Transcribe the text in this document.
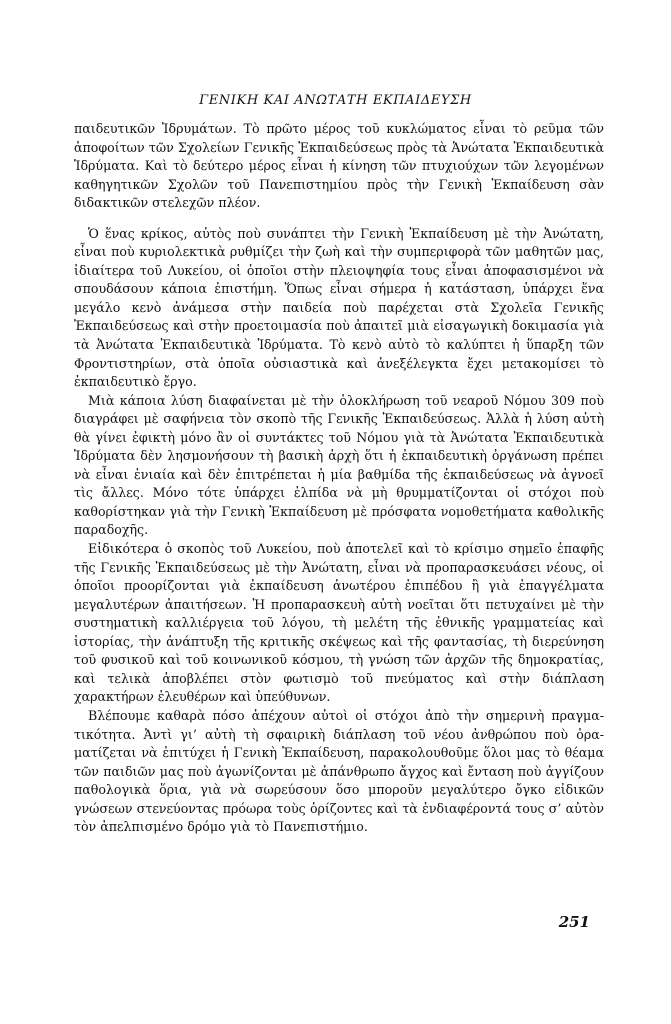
ΓΕΝΙΚΗ ΚΑΙ ΑΝΩΤΑΤΗ ΕΚΠΑΙΔΕΥΣΗ

παιδευτικῶν Ἱδρυμάτων. Τὸ πρῶτο μέρος τοῦ κυκλώματος εἶναι τὸ ρεῦμα τῶν ἀποφοίτων τῶν Σχολείων Γενικῆς Ἐκπαιδεύσεως πρὸς τὰ Ἀνώτατα Ἐκπαιδευτικὰ Ἱδρύματα. Καὶ τὸ δεύτερο μέρος εἶναι ἡ κίνηση τῶν πτυχιούχων τῶν λεγομένων καθηγητικῶν Σχολῶν τοῦ Πανεπιστημίου πρὸς τὴν Γενικὴ Ἐκπαίδευση σὰν διδακτικῶν στελεχῶν πλέον.

Ὁ ἕνας κρίκος, αὐτὸς ποὺ συνάπτει τὴν Γενικὴ Ἐκπαίδευση μὲ τὴν Ἀνώτατη, εἶναι ποὺ κυριολεκτικὰ ρυθμίζει τὴν ζωὴ καὶ τὴν συμπεριφορὰ τῶν μαθητῶν μας, ἰδιαίτερα τοῦ Λυκείου, οἱ ὁποῖοι στὴν πλειοψηφία τους εἶναι ἀποφασισμένοι νὰ σπουδάσουν κάποια ἐπιστήμη. Ὅπως εἶναι σήμερα ἡ κατάσταση, ὑπάρχει ἕνα μεγάλο κενὸ ἀνάμεσα στὴν παιδεία ποὺ παρέχεται στὰ Σχολεῖα Γενικῆς Ἐκπαιδεύσεως καὶ στὴν προετοιμασία ποὺ ἀπαιτεῖ μιὰ εἰσαγωγικὴ δοκιμασία γιὰ τὰ Ἀνώτατα Ἐκπαιδευτικὰ Ἱδρύματα. Τὸ κενὸ αὐτὸ τὸ καλύπτει ἡ ὕπαρξη τῶν Φροντιστηρίων, στὰ ὁποῖα οὐσιαστικὰ καὶ ἀνεξέλεγκτα ἔχει μετακομίσει τὸ ἐκπαιδευτικὸ ἔργο.

Μιὰ κάποια λύση διαφαίνεται μὲ τὴν ὁλοκλήρωση τοῦ νεαροῦ Νόμου 309 ποὺ διαγράφει μὲ σαφήνεια τὸν σκοπὸ τῆς Γενικῆς Ἐκπαιδεύσεως. Ἀλλὰ ἡ λύση αὐτὴ θὰ γίνει ἐφικτὴ μόνο ἂν οἱ συντάκτες τοῦ Νόμου γιὰ τὰ Ἀνώτατα Ἐκπαιδευτικὰ Ἱδρύματα δὲν λησμονήσουν τὴ βασικὴ ἀρχὴ ὅτι ἡ ἐκπαιδευτικὴ ὀργάνωση πρέπει νὰ εἶναι ἑνιαία καὶ δὲν ἐπιτρέπεται ἡ μία βαθμίδα τῆς ἐκπαιδεύσεως νὰ ἀγνοεῖ τὶς ἄλλες. Μόνο τότε ὑπάρχει ἐλπίδα νὰ μὴ θρυμματίζονται οἱ στόχοι ποὺ καθορίστηκαν γιὰ τὴν Γενικὴ Ἐκπαίδευση μὲ πρόσφατα νομοθετήματα καθολικῆς παραδοχῆς.

Εἰδικότερα ὁ σκοπὸς τοῦ Λυκείου, ποὺ ἀποτελεῖ καὶ τὸ κρίσιμο σημεῖο ἐπαφῆς τῆς Γενικῆς Ἐκπαιδεύσεως μὲ τὴν Ἀνώτατη, εἶναι νὰ προπαρασκευάσει νέους, οἱ ὁποῖοι προορίζονται γιὰ ἐκπαίδευση ἀνωτέρου ἐπιπέδου ἢ γιὰ ἐπαγγέλματα μεγαλυτέρων ἀπαιτήσεων. Ἡ προπαρασκευὴ αὐτὴ νοεῖται ὅτι πετυχαίνει μὲ τὴν συστηματικὴ καλλιέργεια τοῦ λόγου, τὴ μελέτη τῆς ἐθνικῆς γραμματείας καὶ ἱστορίας, τὴν ἀνάπτυξη τῆς κριτικῆς σκέψεως καὶ τῆς φαντασίας, τὴ διερεύνηση τοῦ φυσικοῦ καὶ τοῦ κοινωνικοῦ κόσμου, τὴ γνώση τῶν ἀρχῶν τῆς δημοκρατίας, καὶ τελικὰ ἀποβλέπει στὸν φωτισμὸ τοῦ πνεύματος καὶ στὴν διάπλαση χαρακτήρων ἐλευθέρων καὶ ὑπεύθυνων.

Βλέπουμε καθαρὰ πόσο ἀπέχουν αὐτοὶ οἱ στόχοι ἀπὸ τὴν σημερινὴ πραγματικότητα. Ἀντὶ γι’ αὐτὴ τὴ σφαιρικὴ διάπλαση τοῦ νέου ἀνθρώπου ποὺ ὁραματίζεται νὰ ἐπιτύχει ἡ Γενικὴ Ἐκπαίδευση, παρακολουθοῦμε ὅλοι μας τὸ θέαμα τῶν παιδιῶν μας ποὺ ἀγωνίζονται μὲ ἀπάνθρωπο ἄγχος καὶ ἔνταση ποὺ ἀγγίζουν παθολογικὰ ὅρια, γιὰ νὰ σωρεύσουν ὅσο μποροῦν μεγαλύτερο ὄγκο εἰδικῶν γνώσεων στενεύοντας πρόωρα τοὺς ὁρίζοντες καὶ τὰ ἐνδιαφέροντά τους σ’ αὐτὸν τὸν ἀπελπισμένο δρόμο γιὰ τὸ Πανεπιστήμιο.

251
